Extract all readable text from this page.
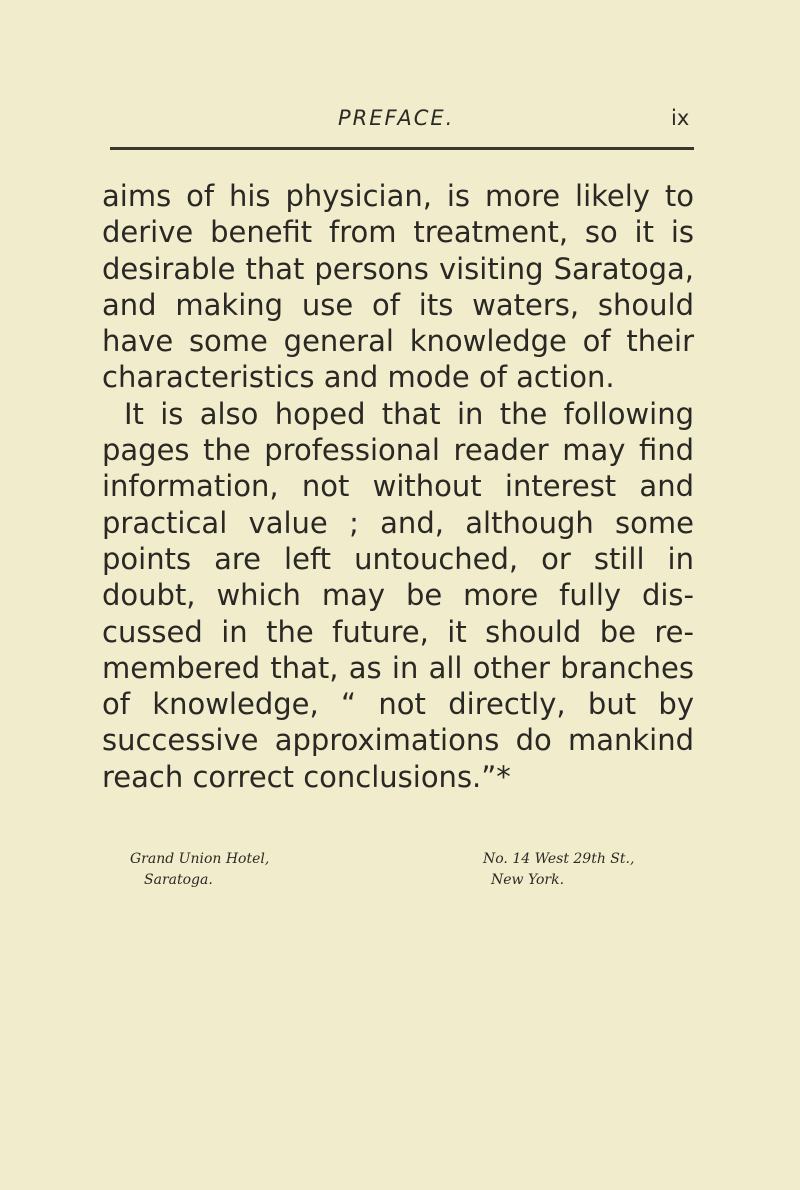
PREFACE.	ix
aims of his physician, is more likely to
derive benefit from treatment, so it is
desirable that persons visiting Saratoga,
and making use of its waters, should
have some general knowledge of their
characteristics and mode of action.
It is also hoped that in the following
pages the professional reader may find
information, not without interest and
practical value ; and, although some
points are left untouched, or still in
doubt, which may be more fully dis-
cussed in the future, it should be re-
membered that, as in all other branches
of knowledge, “ not directly, but by
successive approximations do mankind
reach correct conclusions.”*
Grand Union Hotel,
Saratoga.
No. 14 West 29th St.,
New York.
